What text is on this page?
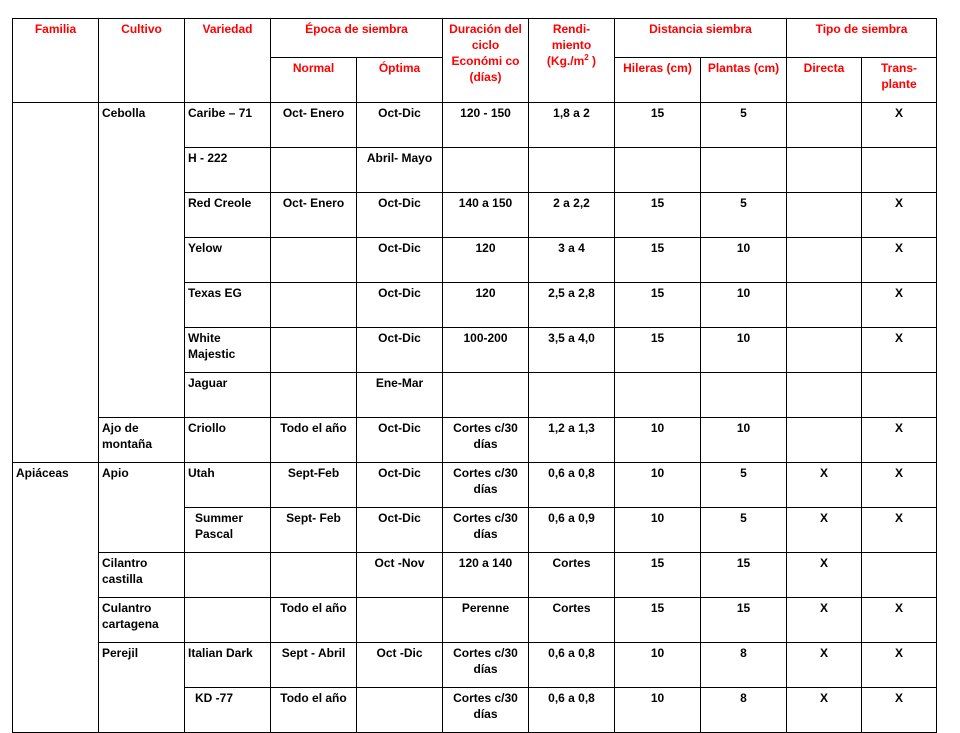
Familia	Cultivo	Variedad	Época de siembra		Duración del ciclo Económi co (días)	Rendi- miento ($Kg./m^2$ )	Distancia siembra		Tipo de siembra	
			Normal	Óptima			Hileras (cm)	Plantas (cm)	Directa	Trans- plante
	Cebolla	Caribe – 71	Oct- Enero	Oct-Dic	120 - 150	1,8 a 2	15	5		X
		H - 222		Abril- Mayo						
		Red Creole	Oct- Enero	Oct-Dic	140 a 150	2 a 2,2	15	5		X
		Yelow		Oct-Dic	120	3 a 4	15	10		X
		Texas EG		Oct-Dic	120	2,5 a 2,8	15	10		X
		White Majestic		Oct-Dic	100-200	3,5 a 4,0	15	10		X
		Jaguar		Ene-Mar						
	Ajo de montaña	Criollo	Todo el año	Oct-Dic	Cortes c/30 días	1,2 a 1,3	10	10		X
Apiáceas	Apio	Utah	Sept-Feb	Oct-Dic	Cortes c/30 días	0,6 a 0,8	10	5	X	X
		Summer Pascal	Sept- Feb	Oct-Dic	Cortes c/30 días	0,6 a 0,9	10	5	X	X
	Cilantro castilla			Oct -Nov	120 a 140	Cortes	15	15	X	
	Culantro cartagena		Todo el año		Perenne	Cortes	15	15	X	X
	Perejil	Italian Dark	Sept - Abril	Oct -Dic	Cortes c/30 días	0,6 a 0,8	10	8	X	X
		KD -77	Todo el año		Cortes c/30 días	0,6 a 0,8	10	8	X	X
